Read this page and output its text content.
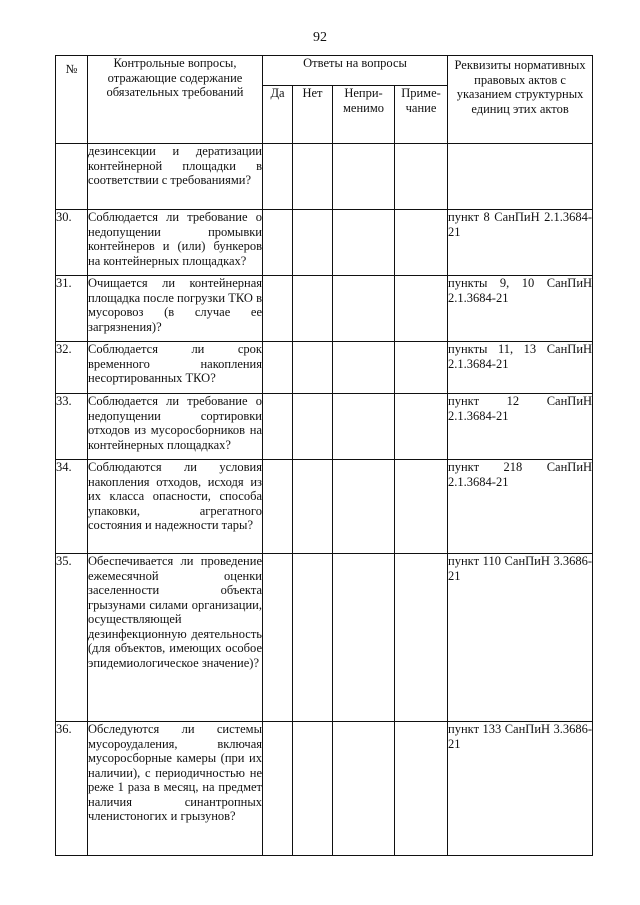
92
№	Контрольные вопросы, отражающие содержание обязательных требований	Ответы на вопросы				Реквизиты нормативных правовых актов с указанием структурных единиц этих актов
		Да	Нет	Непри-менимо	Приме-чание	
	дезинсекции и дератизации контейнерной площадки в соответствии с требованиями?					
30.	Соблюдается ли требование о недопущении промывки контейнеров и (или) бункеров на контейнерных площадках?					пункт 8 СанПиН 2.1.3684-21
31.	Очищается ли контейнерная площадка после погрузки ТКО в мусоровоз (в случае ее загрязнения)?					пункты 9, 10 СанПиН 2.1.3684-21
32.	Соблюдается ли срок временного накопления несортированных ТКО?					пункты 11, 13 СанПиН 2.1.3684-21
33.	Соблюдается ли требование о недопущении сортировки отходов из мусоросборников на контейнерных площадках?					пункт 12 СанПиН 2.1.3684-21
34.	Соблюдаются ли условия накопления отходов, исходя из их класса опасности, способа упаковки, агрегатного состояния и надежности тары?					пункт 218 СанПиН 2.1.3684-21
35.	Обеспечивается ли проведение ежемесячной оценки заселенности объекта грызунами силами организации, осуществляющей дезинфекционную деятельность (для объектов, имеющих особое эпидемиологическое значение)?					пункт 110 СанПиН 3.3686-21
36.	Обследуются ли системы мусороудаления, включая мусоросборные камеры (при их наличии), с периодичностью не реже 1 раза в месяц, на предмет наличия синантропных членистоногих и грызунов?					пункт 133 СанПиН 3.3686-21
